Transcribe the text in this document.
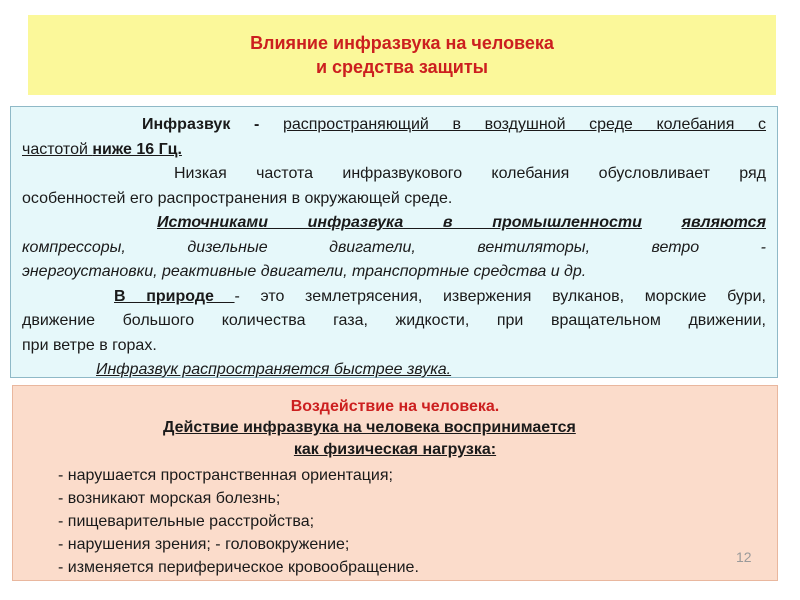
Влияние инфразвука на человека
и средства защиты

Инфразвук - распространяющий в воздушной среде колебания с

частотой ниже 16 Гц.

Низкая частота инфразвукового колебания обусловливает ряд

особенностей его распространения в окружающей среде.

Источниками инфразвука в промышленности являются

компрессоры, дизельные двигатели, вентиляторы, ветро -

энергоустановки, реактивные двигатели, транспортные средства и др.

В природе - это землетрясения, извержения вулканов, морские бури,

движение большого количества газа, жидкости, при вращательном движении,

при ветре в горах.

Инфразвук распространяется быстрее звука.

Воздействие на человека.
Действие инфразвука на человека воспринимается
как физическая нагрузка:
- нарушается пространственная ориентация;
- возникают морская болезнь;
- пищеварительные расстройства;
- нарушения зрения; - головокружение;
- изменяется периферическое кровообращение.
12
